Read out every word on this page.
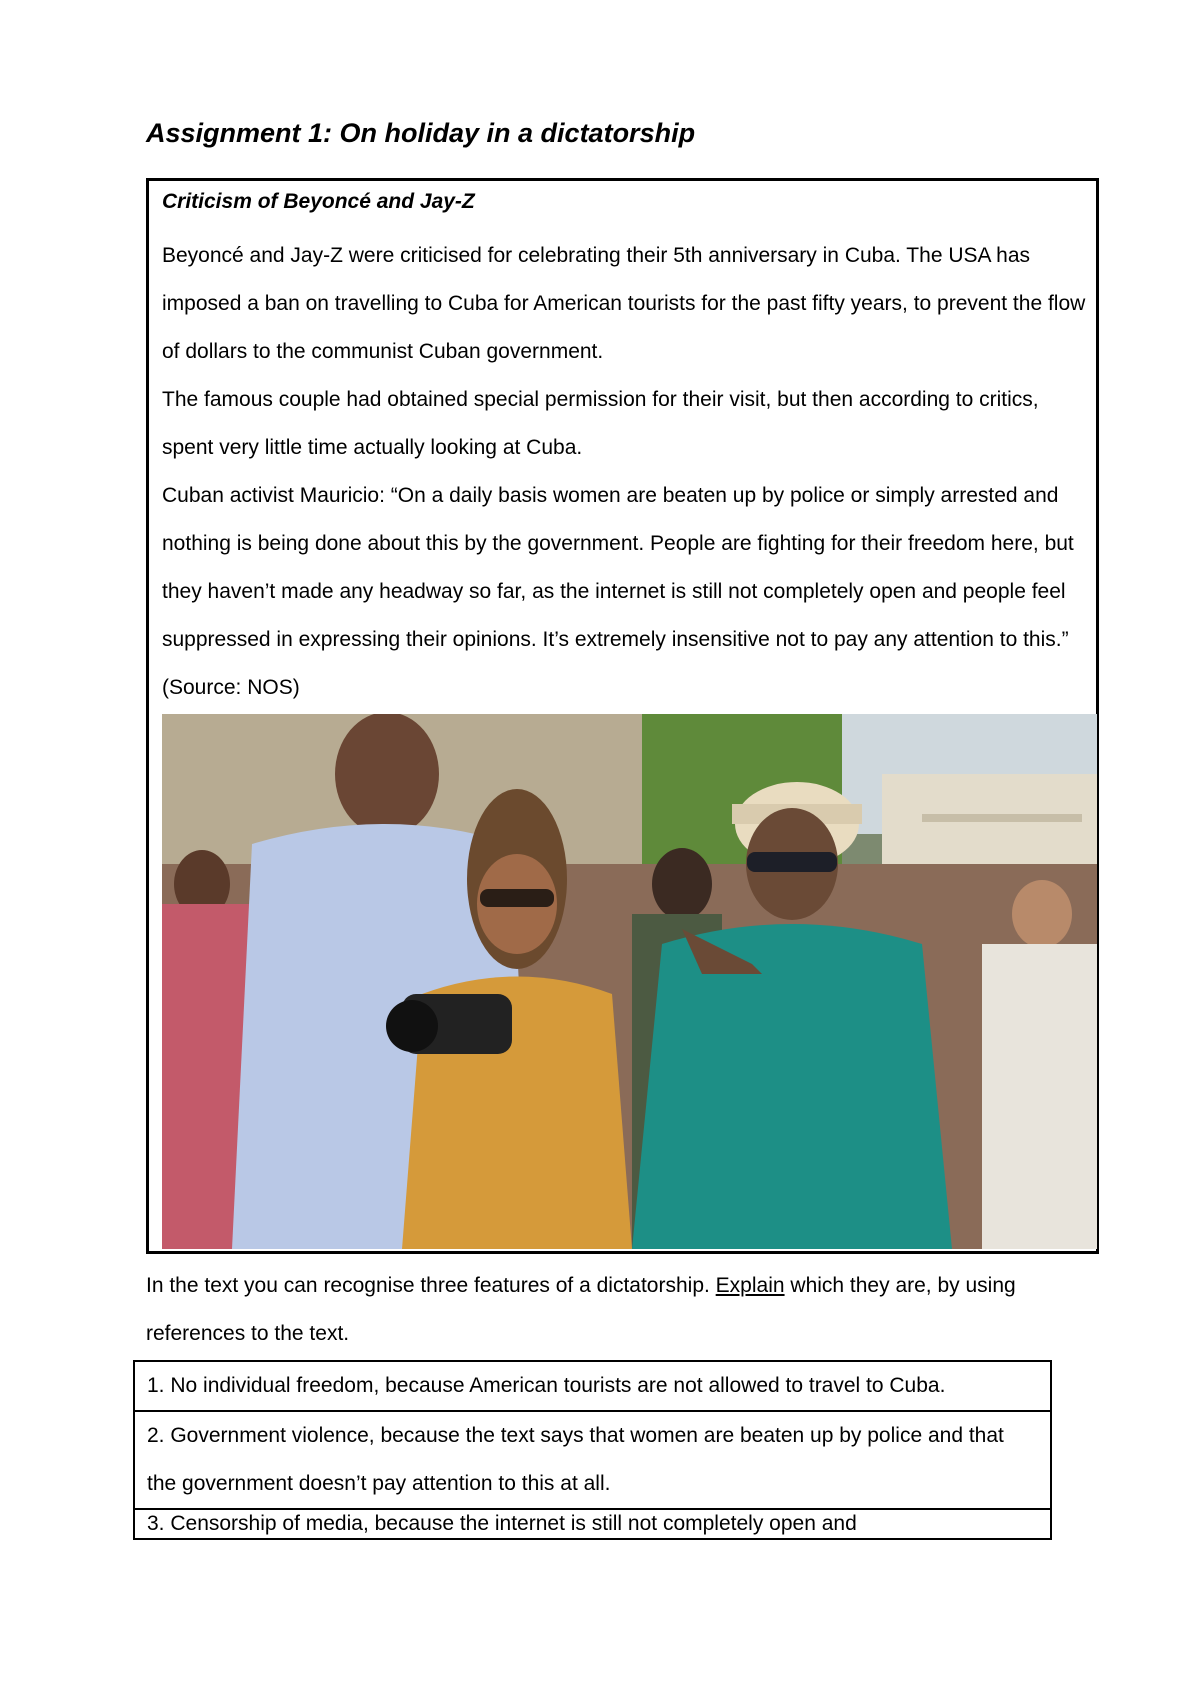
Assignment 1: On holiday in a dictatorship
Criticism of Beyoncé and Jay-Z

Beyoncé and Jay-Z were criticised for celebrating their 5th anniversary in Cuba. The USA has imposed a ban on travelling to Cuba for American tourists for the past fifty years, to prevent the flow of dollars to the communist Cuban government.

The famous couple had obtained special permission for their visit, but then according to critics, spent very little time actually looking at Cuba.

Cuban activist Mauricio: “On a daily basis women are beaten up by police or simply arrested and nothing is being done about this by the government. People are fighting for their freedom here, but they haven’t made any headway so far, as the internet is still not completely open and people feel suppressed in expressing their opinions. It’s extremely insensitive not to pay any attention to this.” (Source: NOS)

In the text you can recognise three features of a dictatorship. Explain which they are, by using references to the text.

1. No individual freedom, because American tourists are not allowed to travel to Cuba.
2. Government violence, because the text says that women are beaten up by police and that the government doesn’t pay attention to this at all.
3. Censorship of media, because the internet is still not completely open and
